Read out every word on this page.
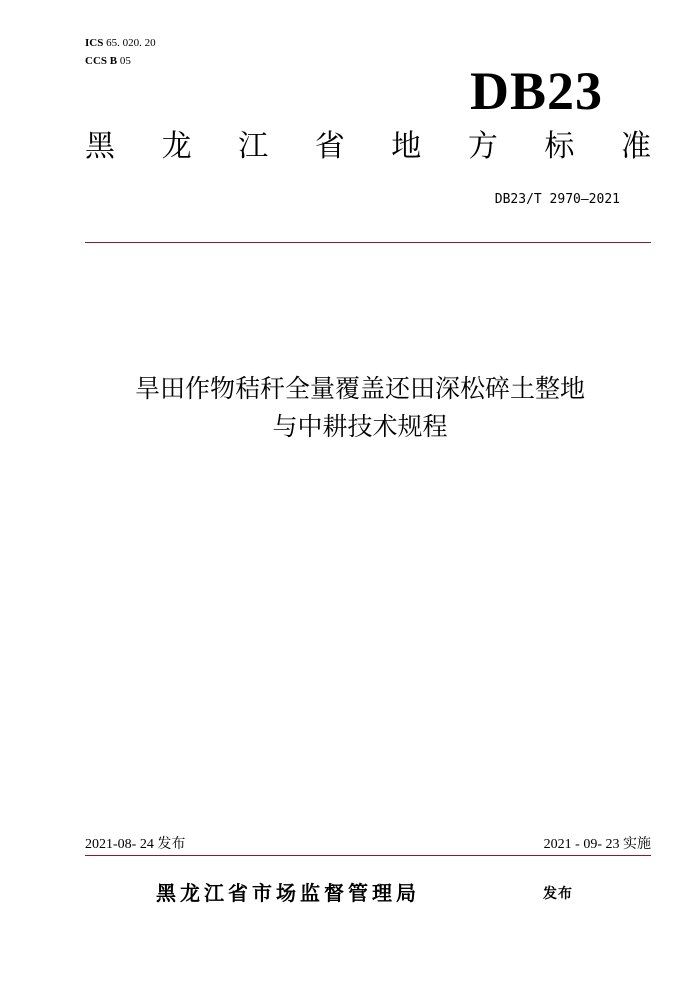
ICS 65. 020. 20
CCS B 05	DB23
黑 龙 江 省 地 方 标 准
DB23/T 2970—2021
旱田作物秸秆全量覆盖还田深松碎土整地
与中耕技术规程
2021-08- 24 发布	2021 - 09- 23 实施
黑龙江省市场监督管理局	发布
